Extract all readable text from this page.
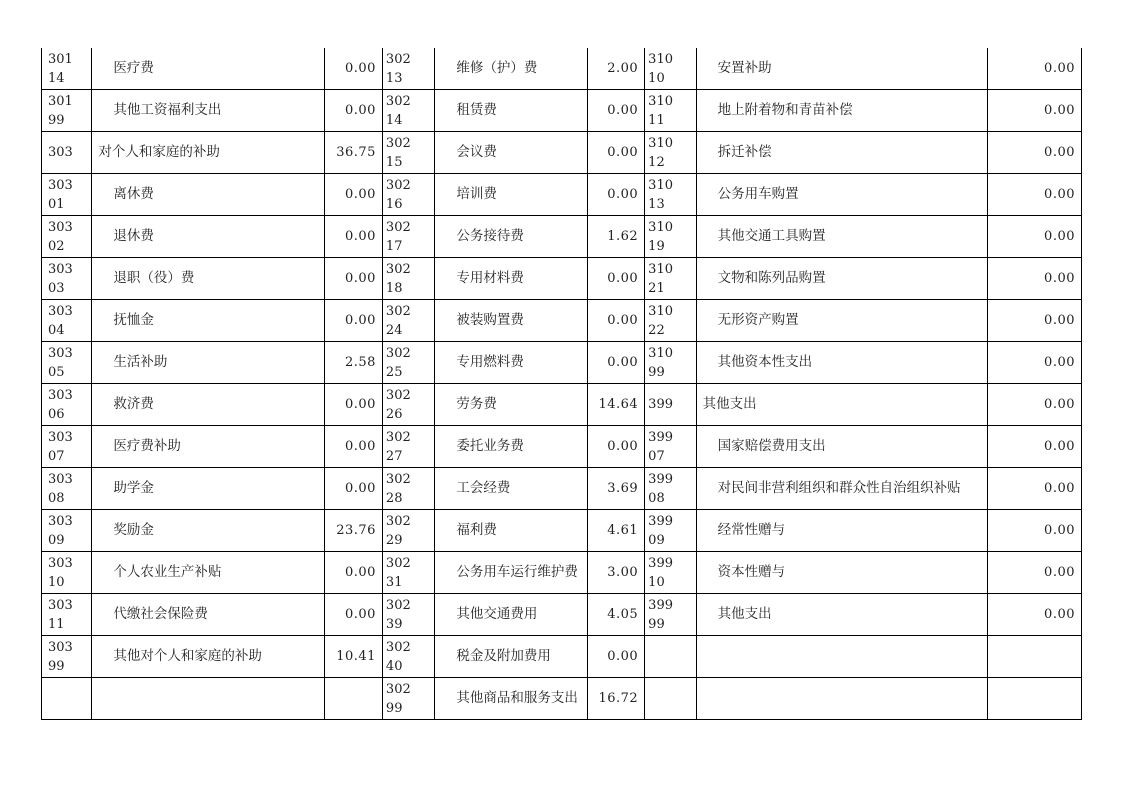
30114	医疗费	0.00	30213	维修（护）费	2.00	31010	安置补助	0.00

30199	其他工资福利支出	0.00	30214	租赁费	0.00	31011	地上附着物和青苗补偿	0.00

303	对个人和家庭的补助	36.75	30215	会议费	0.00	31012	拆迁补偿	0.00

30301	离休费	0.00	30216	培训费	0.00	31013	公务用车购置	0.00

30302	退休费	0.00	30217	公务接待费	1.62	31019	其他交通工具购置	0.00

30303	退职（役）费	0.00	30218	专用材料费	0.00	31021	文物和陈列品购置	0.00

30304	抚恤金	0.00	30224	被装购置费	0.00	31022	无形资产购置	0.00

30305	生活补助	2.58	30225	专用燃料费	0.00	31099	其他资本性支出	0.00

30306	救济费	0.00	30226	劳务费	14.64	399	其他支出	0.00

30307	医疗费补助	0.00	30227	委托业务费	0.00	39907	国家赔偿费用支出	0.00

30308	助学金	0.00	30228	工会经费	3.69	39908	对民间非营利组织和群众性自治组织补贴	0.00

30309	奖励金	23.76	30229	福利费	4.61	39909	经常性赠与	0.00

30310	个人农业生产补贴	0.00	30231	公务用车运行维护费	3.00	39910	资本性赠与	0.00

30311	代缴社会保险费	0.00	30239	其他交通费用	4.05	39999	其他支出	0.00

30399	其他对个人和家庭的补助	10.41	30240	税金及附加费用	0.00	

			30299	其他商品和服务支出	16.72	
